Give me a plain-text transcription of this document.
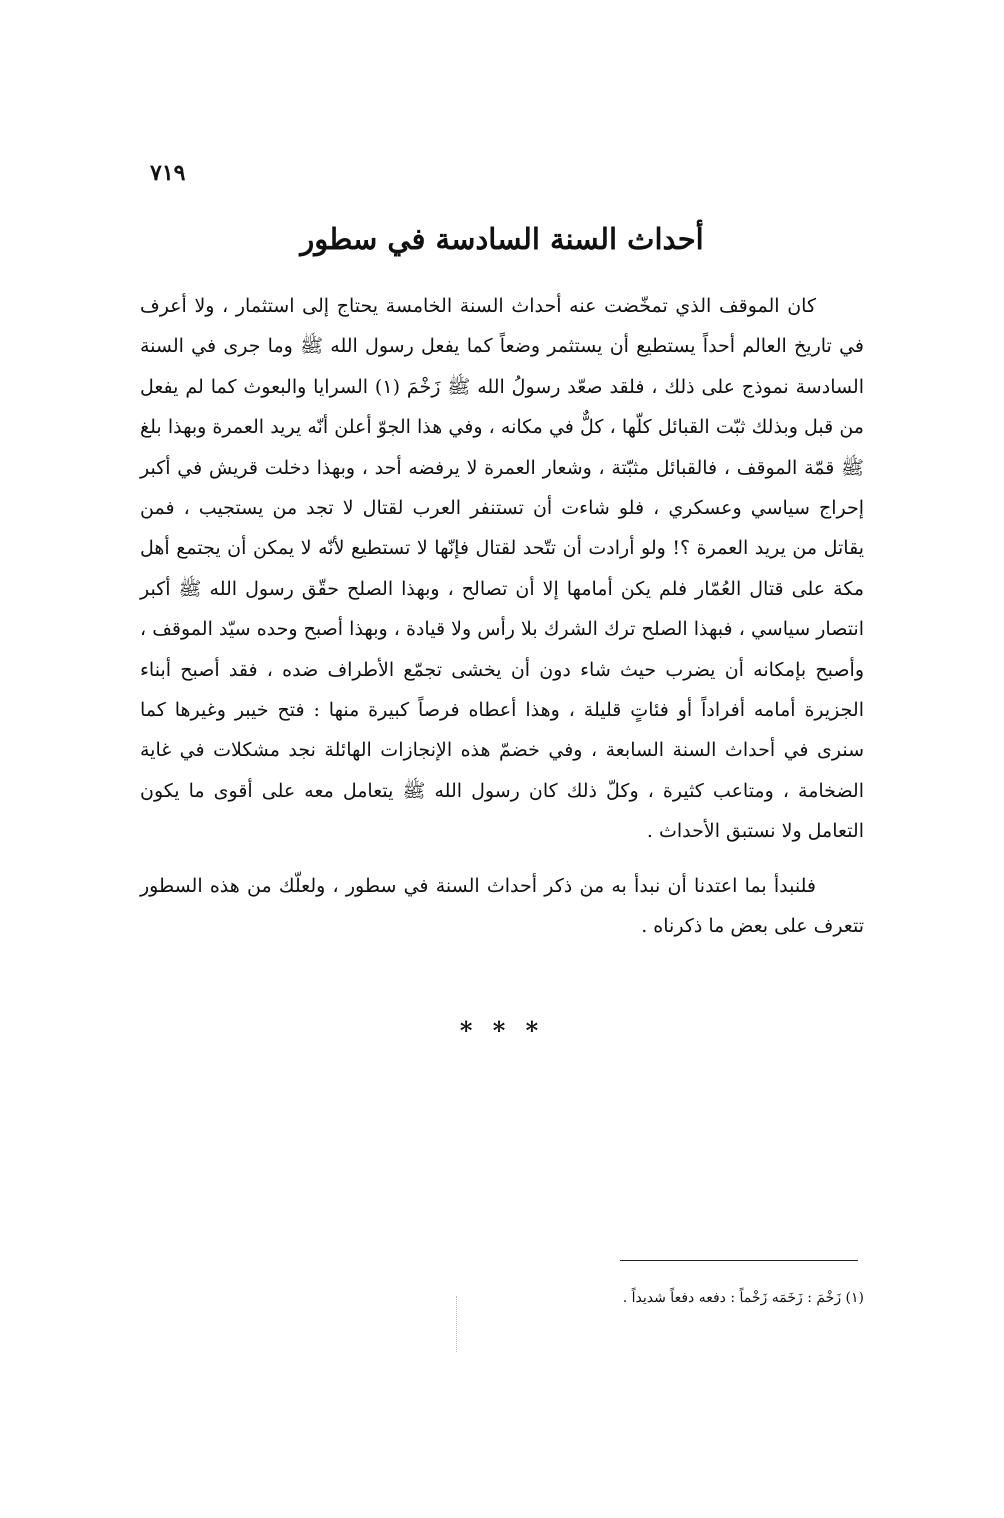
٧١٩
أحداث السنة السادسة في سطور

كان الموقف الذي تمخّضت عنه أحداث السنة الخامسة يحتاج إلى استثمار ، ولا أعرف في تاريخ العالم أحداً يستطيع أن يستثمر وضعاً كما يفعل رسول الله ﷺ وما جرى في السنة السادسة نموذج على ذلك ، فلقد صعّد رسولُ الله ﷺ زَخْمَ (١) السرايا والبعوث كما لم يفعل من قبل وبذلك ثبّت القبائل كلّها ، كلٌّ في مكانه ، وفي هذا الجوّ أعلن أنّه يريد العمرة وبهذا بلغ ﷺ قمّة الموقف ، فالقبائل مثبّتة ، وشعار العمرة لا يرفضه أحد ، وبهذا دخلت قريش في أكبر إحراج سياسي وعسكري ، فلو شاءت أن تستنفر العرب لقتال لا تجد من يستجيب ، فمن يقاتل من يريد العمرة ؟! ولو أرادت أن تتّحد لقتال فإنّها لا تستطيع لأنّه لا يمكن أن يجتمع أهل مكة على قتال العُمّار فلم يكن أمامها إلا أن تصالح ، وبهذا الصلح حقّق رسول الله ﷺ أكبر انتصار سياسي ، فبهذا الصلح ترك الشرك بلا رأس ولا قيادة ، وبهذا أصبح وحده سيّد الموقف ، وأصبح بإمكانه أن يضرب حيث شاء دون أن يخشى تجمّع الأطراف ضده ، فقد أصبح أبناء الجزيرة أمامه أفراداً أو فئاتٍ قليلة ، وهذا أعطاه فرصاً كبيرة منها : فتح خيبر وغيرها كما سنرى في أحداث السنة السابعة ، وفي خضمّ هذه الإنجازات الهائلة نجد مشكلات في غاية الضخامة ، ومتاعب كثيرة ، وكلّ ذلك كان رسول الله ﷺ يتعامل معه على أقوى ما يكون التعامل ولا نستبق الأحداث .

فلنبدأ بما اعتدنا أن نبدأ به من ذكر أحداث السنة في سطور ، ولعلّك من هذه السطور تتعرف على بعض ما ذكرناه .

* * *
(١) زَخْمَ : زَخَمَه زَخْماً : دفعه دفعاً شديداً .
